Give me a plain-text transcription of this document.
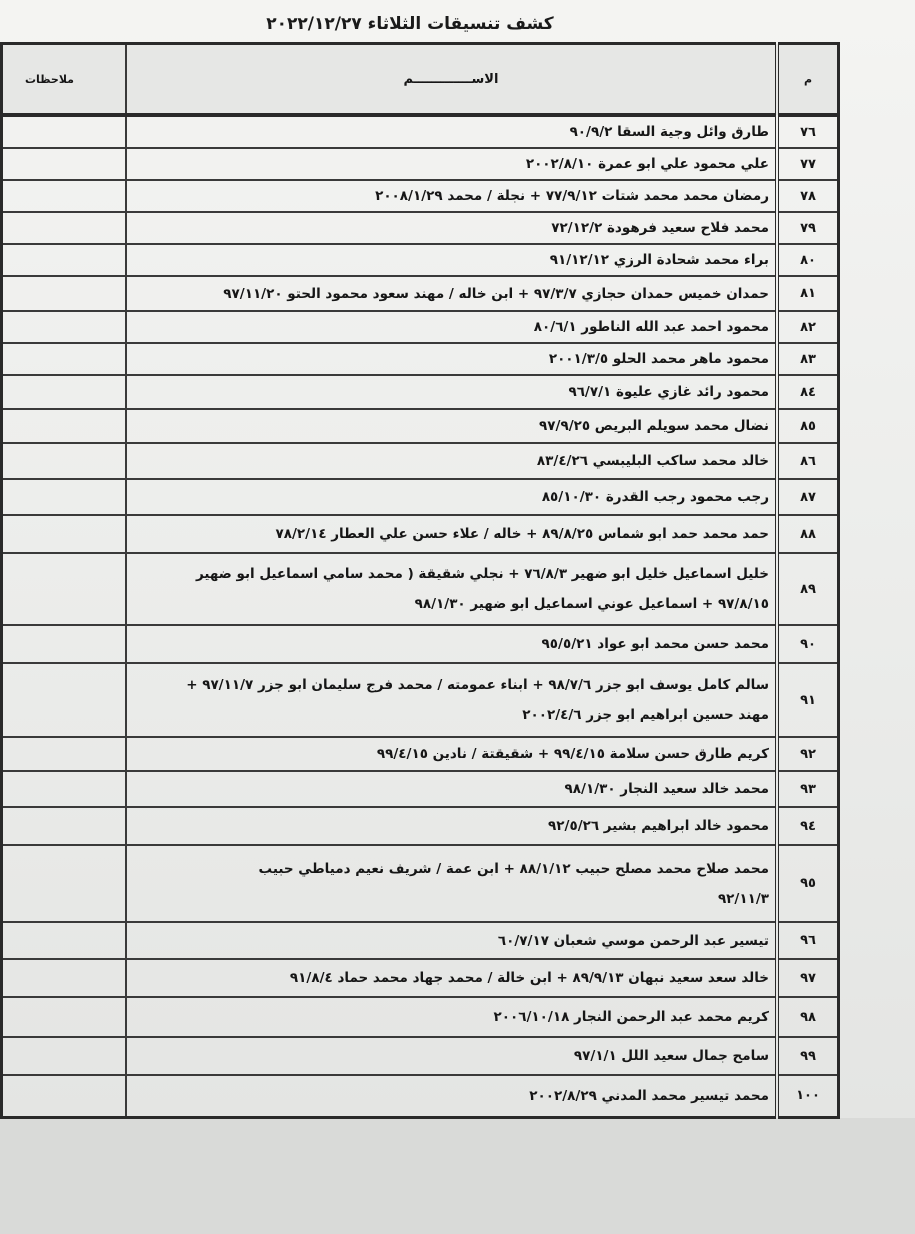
كشف تنسيقات الثلاثاء ٢٠٢٢/١٢/٢٧
م	الاســـــــــــــم	ملاحظات
٧٦	طارق وائل وجية السقا ٩٠/٩/٢	

٧٧	علي محمود علي ابو عمرة ٢٠٠٢/٨/١٠	

٧٨	رمضان محمد محمد شتات ٧٧/٩/١٢ + نجلة / محمد ٢٠٠٨/١/٢٩	

٧٩	محمد فلاح سعيد فرهودة ٧٢/١٢/٢	

٨٠	براء محمد شحادة الرزي ٩١/١٢/١٢	

٨١	حمدان خميس حمدان حجازي ٩٧/٣/٧ + ابن خاله / مهند سعود محمود الحتو ٩٧/١١/٢٠	

٨٢	محمود احمد عبد الله الناطور ٨٠/٦/١	

٨٣	محمود ماهر محمد الحلو ٢٠٠١/٣/٥	

٨٤	محمود رائد غازي عليوة ٩٦/٧/١	

٨٥	نضال محمد سويلم البريص ٩٧/٩/٢٥	

٨٦	خالد محمد ساكب البليبسي ٨٣/٤/٢٦	

٨٧	رجب محمود رجب القدرة ٨٥/١٠/٣٠	

٨٨	حمد محمد حمد ابو شماس ٨٩/٨/٢٥ + خاله / علاء حسن علي العطار ٧٨/٢/١٤	

٨٩	خليل اسماعيل خليل ابو ضهير ٧٦/٨/٣ + نجلي شقيقة ( محمد سامي اسماعيل ابو ضهير
٩٧/٨/١٥ + اسماعيل عوني اسماعيل ابو ضهير ٩٨/١/٣٠	

٩٠	محمد حسن محمد ابو عواد ٩٥/٥/٢١	

٩١	سالم كامل يوسف ابو جزر ٩٨/٧/٦ + ابناء عمومته / محمد فرج سليمان ابو جزر ٩٧/١١/٧ +
مهند حسين ابراهيم ابو جزر ٢٠٠٢/٤/٦	

٩٢	كريم طارق حسن سلامة ٩٩/٤/١٥ + شقيقتة / نادين ٩٩/٤/١٥	

٩٣	محمد خالد سعيد النجار ٩٨/١/٣٠	

٩٤	محمود خالد ابراهيم بشير ٩٢/٥/٢٦	

٩٥	محمد صلاح محمد مصلح حبيب ٨٨/١/١٢ + ابن عمة / شريف نعيم دمياطي حبيب
٩٢/١١/٣	

٩٦	تيسير عبد الرحمن موسي شعبان ٦٠/٧/١٧	

٩٧	خالد سعد سعيد نبهان ٨٩/٩/١٣ + ابن خالة / محمد جهاد محمد حماد ٩١/٨/٤	

٩٨	كريم محمد عبد الرحمن النجار ٢٠٠٦/١٠/١٨	

٩٩	سامح جمال سعيد اللل ٩٧/١/١	

١٠٠	محمد تيسير محمد المدني ٢٠٠٢/٨/٢٩	
